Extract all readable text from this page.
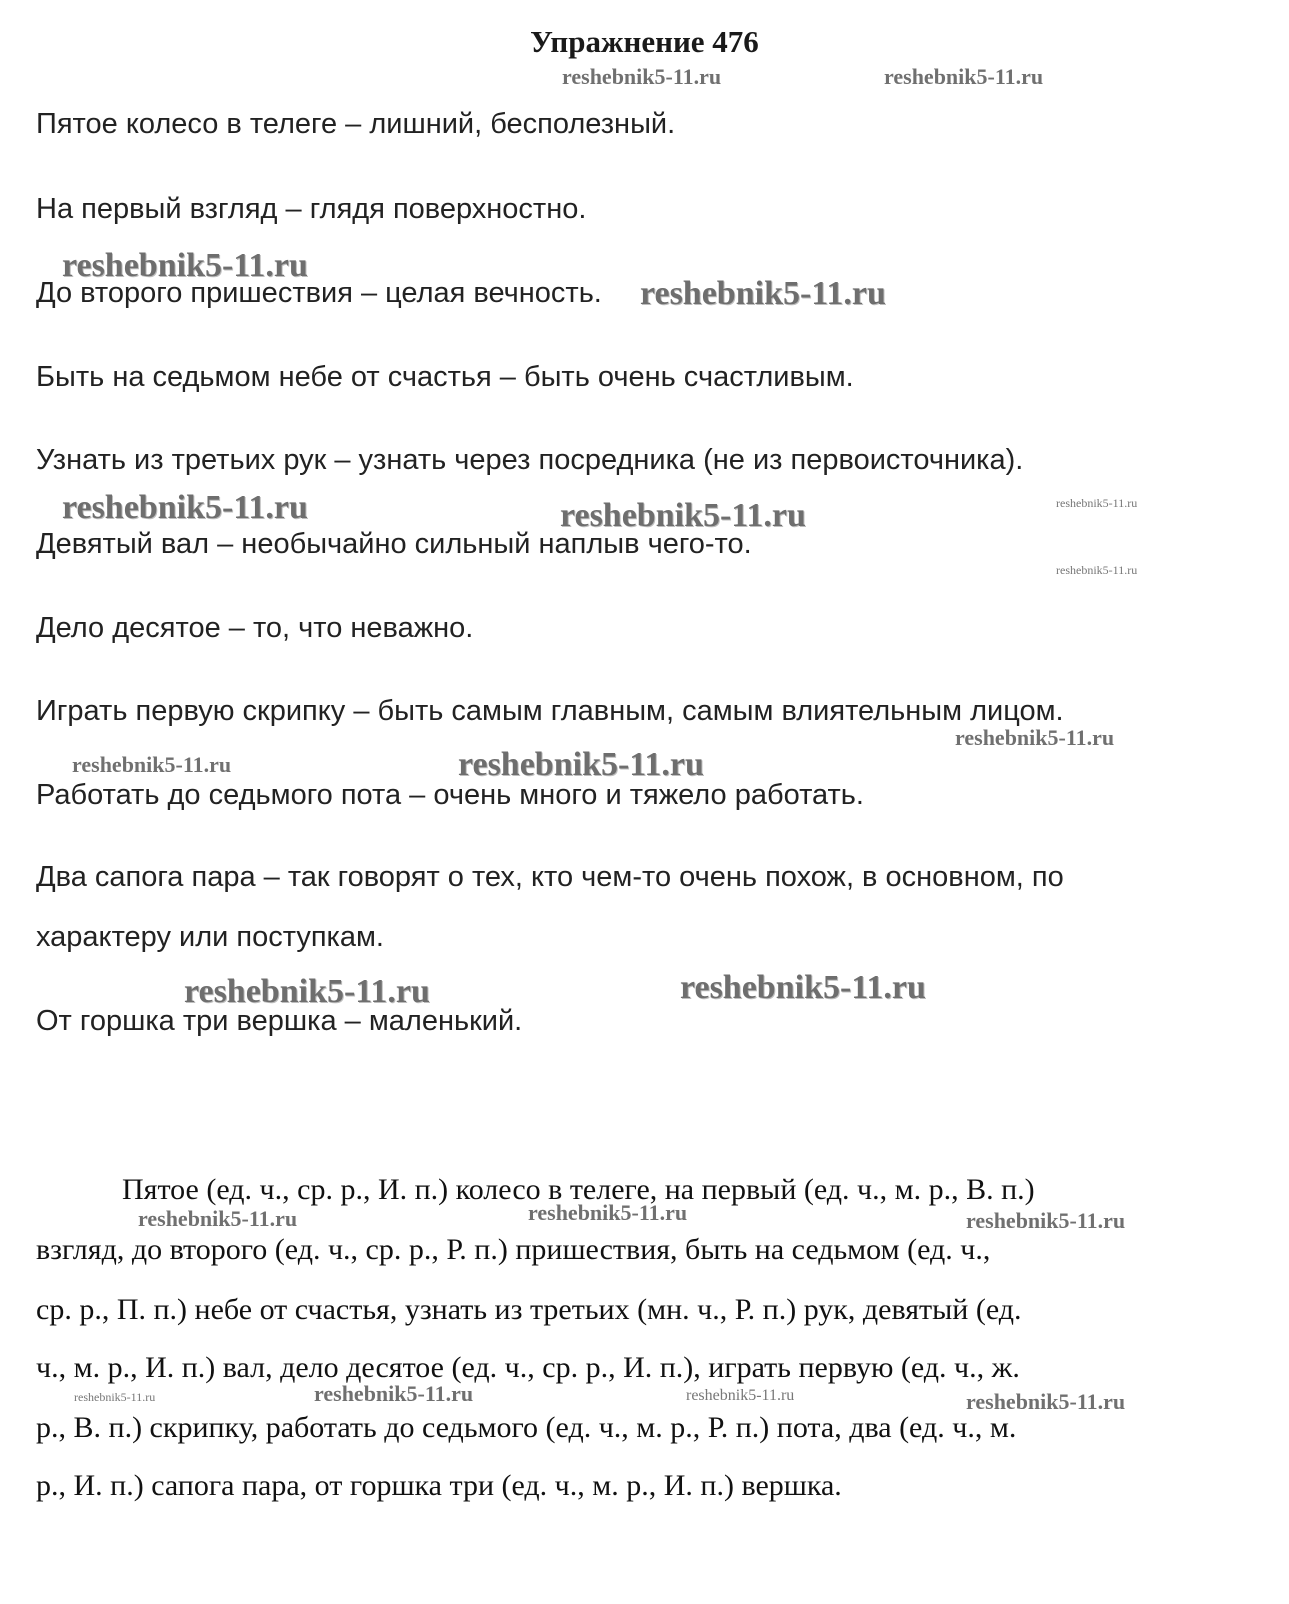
Упражнение 476
Пятое колесо в телеге – лишний, бесполезный.
На первый взгляд – глядя поверхностно.
До второго пришествия – целая вечность.
Быть на седьмом небе от счастья – быть очень счастливым.
Узнать из третьих рук – узнать через посредника (не из первоисточника).
Девятый вал – необычайно сильный наплыв чего-то.
Дело десятое – то, что неважно.
Играть первую скрипку – быть самым главным, самым влиятельным лицом.
Работать до седьмого пота – очень много и тяжело работать.
Два сапога пара – так говорят о тех, кто чем-то очень похож, в основном, по
характеру или поступкам.
От горшка три вершка – маленький.
Пятое (ед. ч., ср. р., И. п.) колесо в телеге, на первый (ед. ч., м. р., В. п.)
взгляд, до второго (ед. ч., ср. р., Р. п.) пришествия, быть на седьмом (ед. ч.,
ср. р., П. п.) небе от счастья, узнать из третьих (мн. ч., Р. п.) рук, девятый (ед.
ч., м. р., И. п.) вал, дело десятое (ед. ч., ср. р., И. п.), играть первую (ед. ч., ж.
р., В. п.) скрипку, работать до седьмого (ед. ч., м. р., Р. п.) пота, два (ед. ч., м.
р., И. п.) сапога пара, от горшка три (ед. ч., м. р., И. п.) вершка.
reshebnik5-11.ru	reshebnik5-11.ru
reshebnik5-11.ru
reshebnik5-11.ru
reshebnik5-11.ru	reshebnik5-11.ru	reshebnik5-11.ru
reshebnik5-11.ru
reshebnik5-11.ru
reshebnik5-11.ru	reshebnik5-11.ru
reshebnik5-11.ru	reshebnik5-11.ru
reshebnik5-11.ru	reshebnik5-11.ru	reshebnik5-11.ru
reshebnik5-11.ru	reshebnik5-11.ru	reshebnik5-11.ru	reshebnik5-11.ru
